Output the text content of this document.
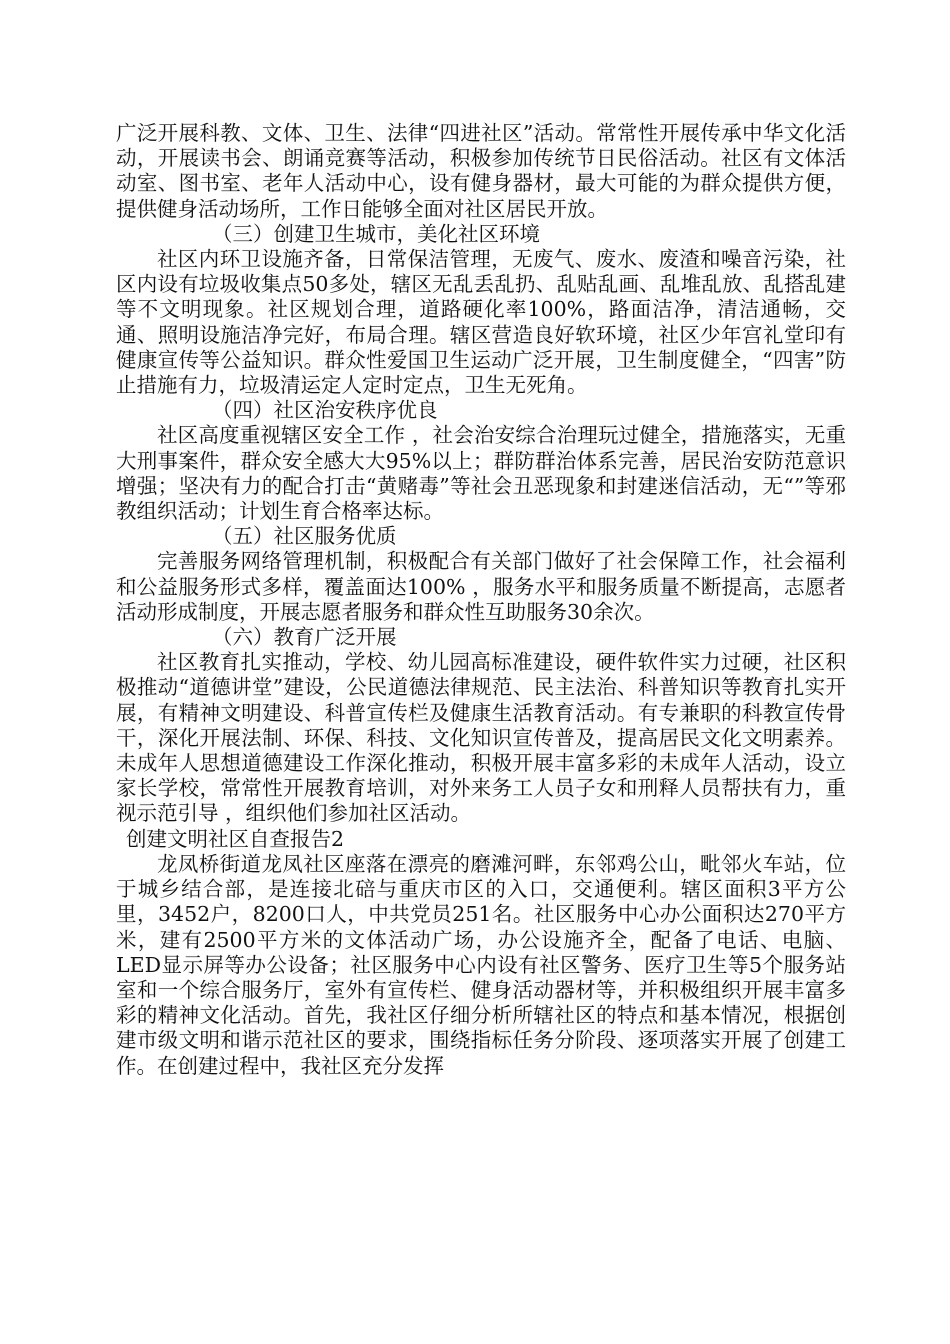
广泛开展科教、文体、卫生、法律“四进社区”活动。常常性开展传承中华文化活动，开展读书会、朗诵竞赛等活动，积极参加传统节日民俗活动。社区有文体活动室、图书室、老年人活动中心，设有健身器材，最大可能的为群众提供方便，提供健身活动场所，工作日能够全面对社区居民开放。

（三）创建卫生城市，美化社区环境

社区内环卫设施齐备，日常保洁管理，无废气、废水、废渣和噪音污染，社区内设有垃圾收集点50多处，辖区无乱丢乱扔、乱贴乱画、乱堆乱放、乱搭乱建等不文明现象。社区规划合理，道路硬化率100%，路面洁净，清洁通畅，交通、照明设施洁净完好，布局合理。辖区营造良好软环境，社区少年宫礼堂印有健康宣传等公益知识。群众性爱国卫生运动广泛开展，卫生制度健全，“四害”防止措施有力，垃圾清运定人定时定点，卫生无死角。

（四）社区治安秩序优良

社区高度重视辖区安全工作 ，社会治安综合治理玩过健全，措施落实，无重大刑事案件，群众安全感大大95%以上；群防群治体系完善，居民治安防范意识增强；坚决有力的配合打击“黄赌毒”等社会丑恶现象和封建迷信活动，无“”等邪教组织活动；计划生育合格率达标。

（五）社区服务优质

完善服务网络管理机制，积极配合有关部门做好了社会保障工作，社会福利和公益服务形式多样，覆盖面达100% ，服务水平和服务质量不断提高，志愿者活动形成制度，开展志愿者服务和群众性互助服务30余次。

（六）教育广泛开展

社区教育扎实推动，学校、幼儿园高标准建设，硬件软件实力过硬，社区积极推动“道德讲堂”建设，公民道德法律规范、民主法治、科普知识等教育扎实开展，有精神文明建设、科普宣传栏及健康生活教育活动。有专兼职的科教宣传骨干，深化开展法制、环保、科技、文化知识宣传普及，提高居民文化文明素养。未成年人思想道德建设工作深化推动，积极开展丰富多彩的未成年人活动，设立家长学校，常常性开展教育培训，对外来务工人员子女和刑释人员帮扶有力，重视示范引导 ，组织他们参加社区活动。

创建文明社区自查报告2

龙凤桥街道龙凤社区座落在漂亮的磨滩河畔，东邻鸡公山，毗邻火车站，位于城乡结合部，是连接北碚与重庆市区的入口，交通便利。辖区面积3平方公里，3452户，8200口人，中共党员251名。社区服务中心办公面积达270平方米，建有2500平方米的文体活动广场，办公设施齐全，配备了电话、电脑、LED显示屏等办公设备；社区服务中心内设有社区警务、医疗卫生等5个服务站室和一个综合服务厅，室外有宣传栏、健身活动器材等，并积极组织开展丰富多彩的精神文化活动。首先，我社区仔细分析所辖社区的特点和基本情况，根据创建市级文明和谐示范社区的要求，围绕指标任务分阶段、逐项落实开展了创建工作。在创建过程中，我社区充分发挥
